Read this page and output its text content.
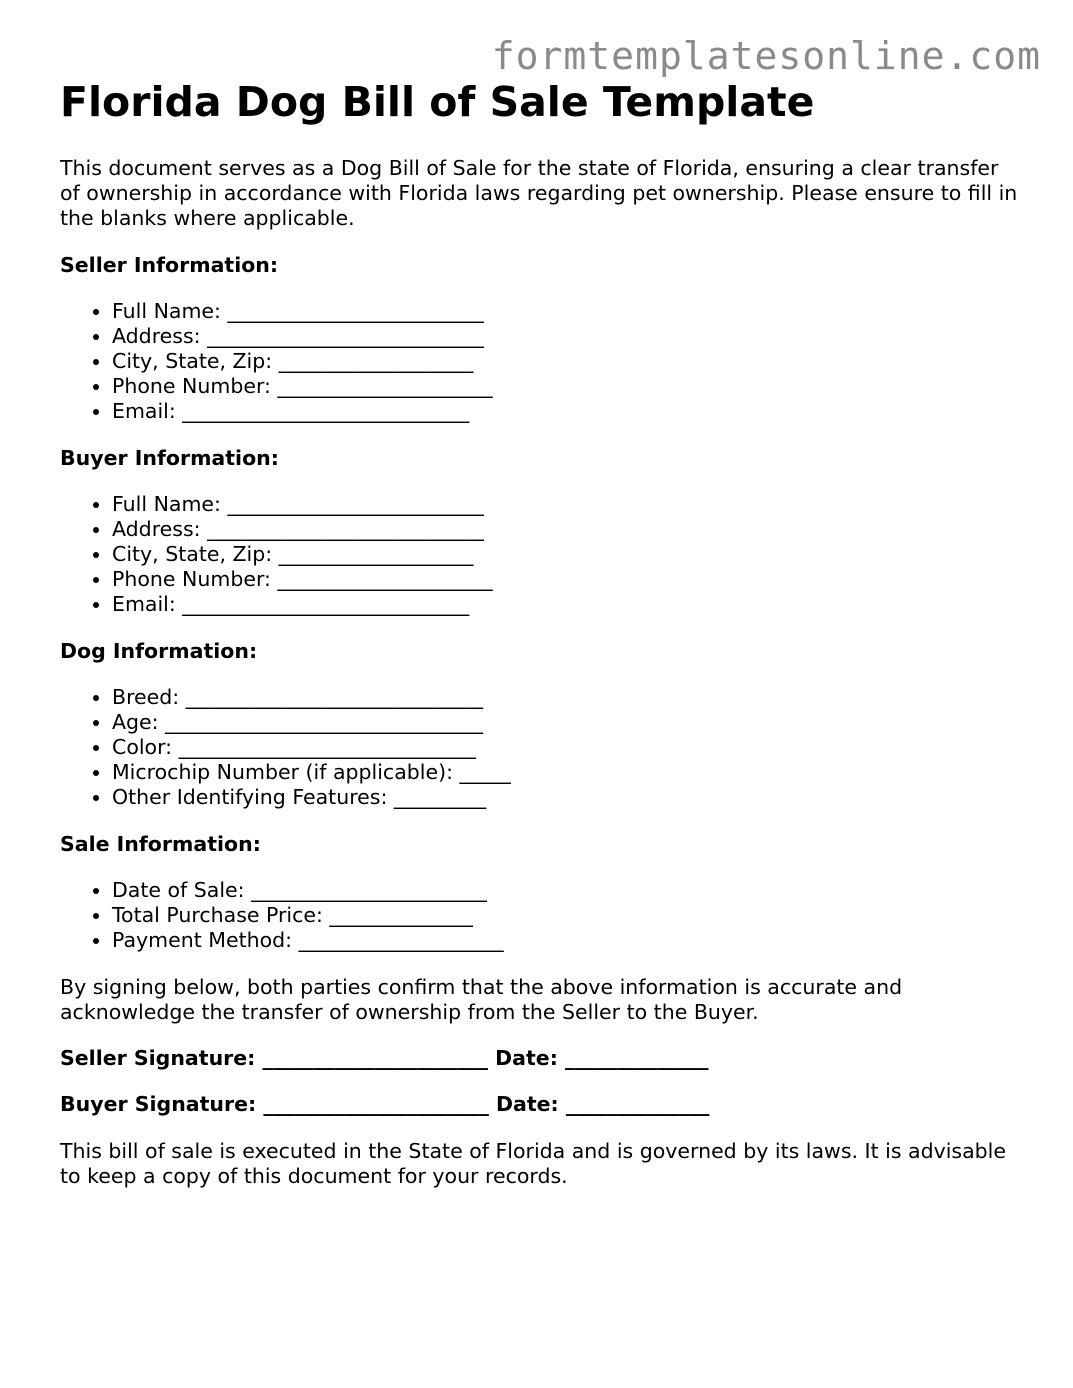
formtemplatesonline.com
Florida Dog Bill of Sale Template

This document serves as a Dog Bill of Sale for the state of Florida, ensuring a clear transfer of ownership in accordance with Florida laws regarding pet ownership. Please ensure to fill in the blanks where applicable.

Seller Information:

• Full Name: _________________________
• Address: ___________________________
• City, State, Zip: ___________________
• Phone Number: _____________________
• Email: ____________________________

Buyer Information:

• Full Name: _________________________
• Address: ___________________________
• City, State, Zip: ___________________
• Phone Number: _____________________
• Email: ____________________________

Dog Information:

• Breed: _____________________________
• Age: _______________________________
• Color: _____________________________
• Microchip Number (if applicable): _____
• Other Identifying Features: _________

Sale Information:

• Date of Sale: _______________________
• Total Purchase Price: ______________
• Payment Method: ____________________

By signing below, both parties confirm that the above information is accurate and acknowledge the transfer of ownership from the Seller to the Buyer.

Seller Signature: ______________________ Date: ______________

Buyer Signature: ______________________ Date: ______________

This bill of sale is executed in the State of Florida and is governed by its laws. It is advisable to keep a copy of this document for your records.
